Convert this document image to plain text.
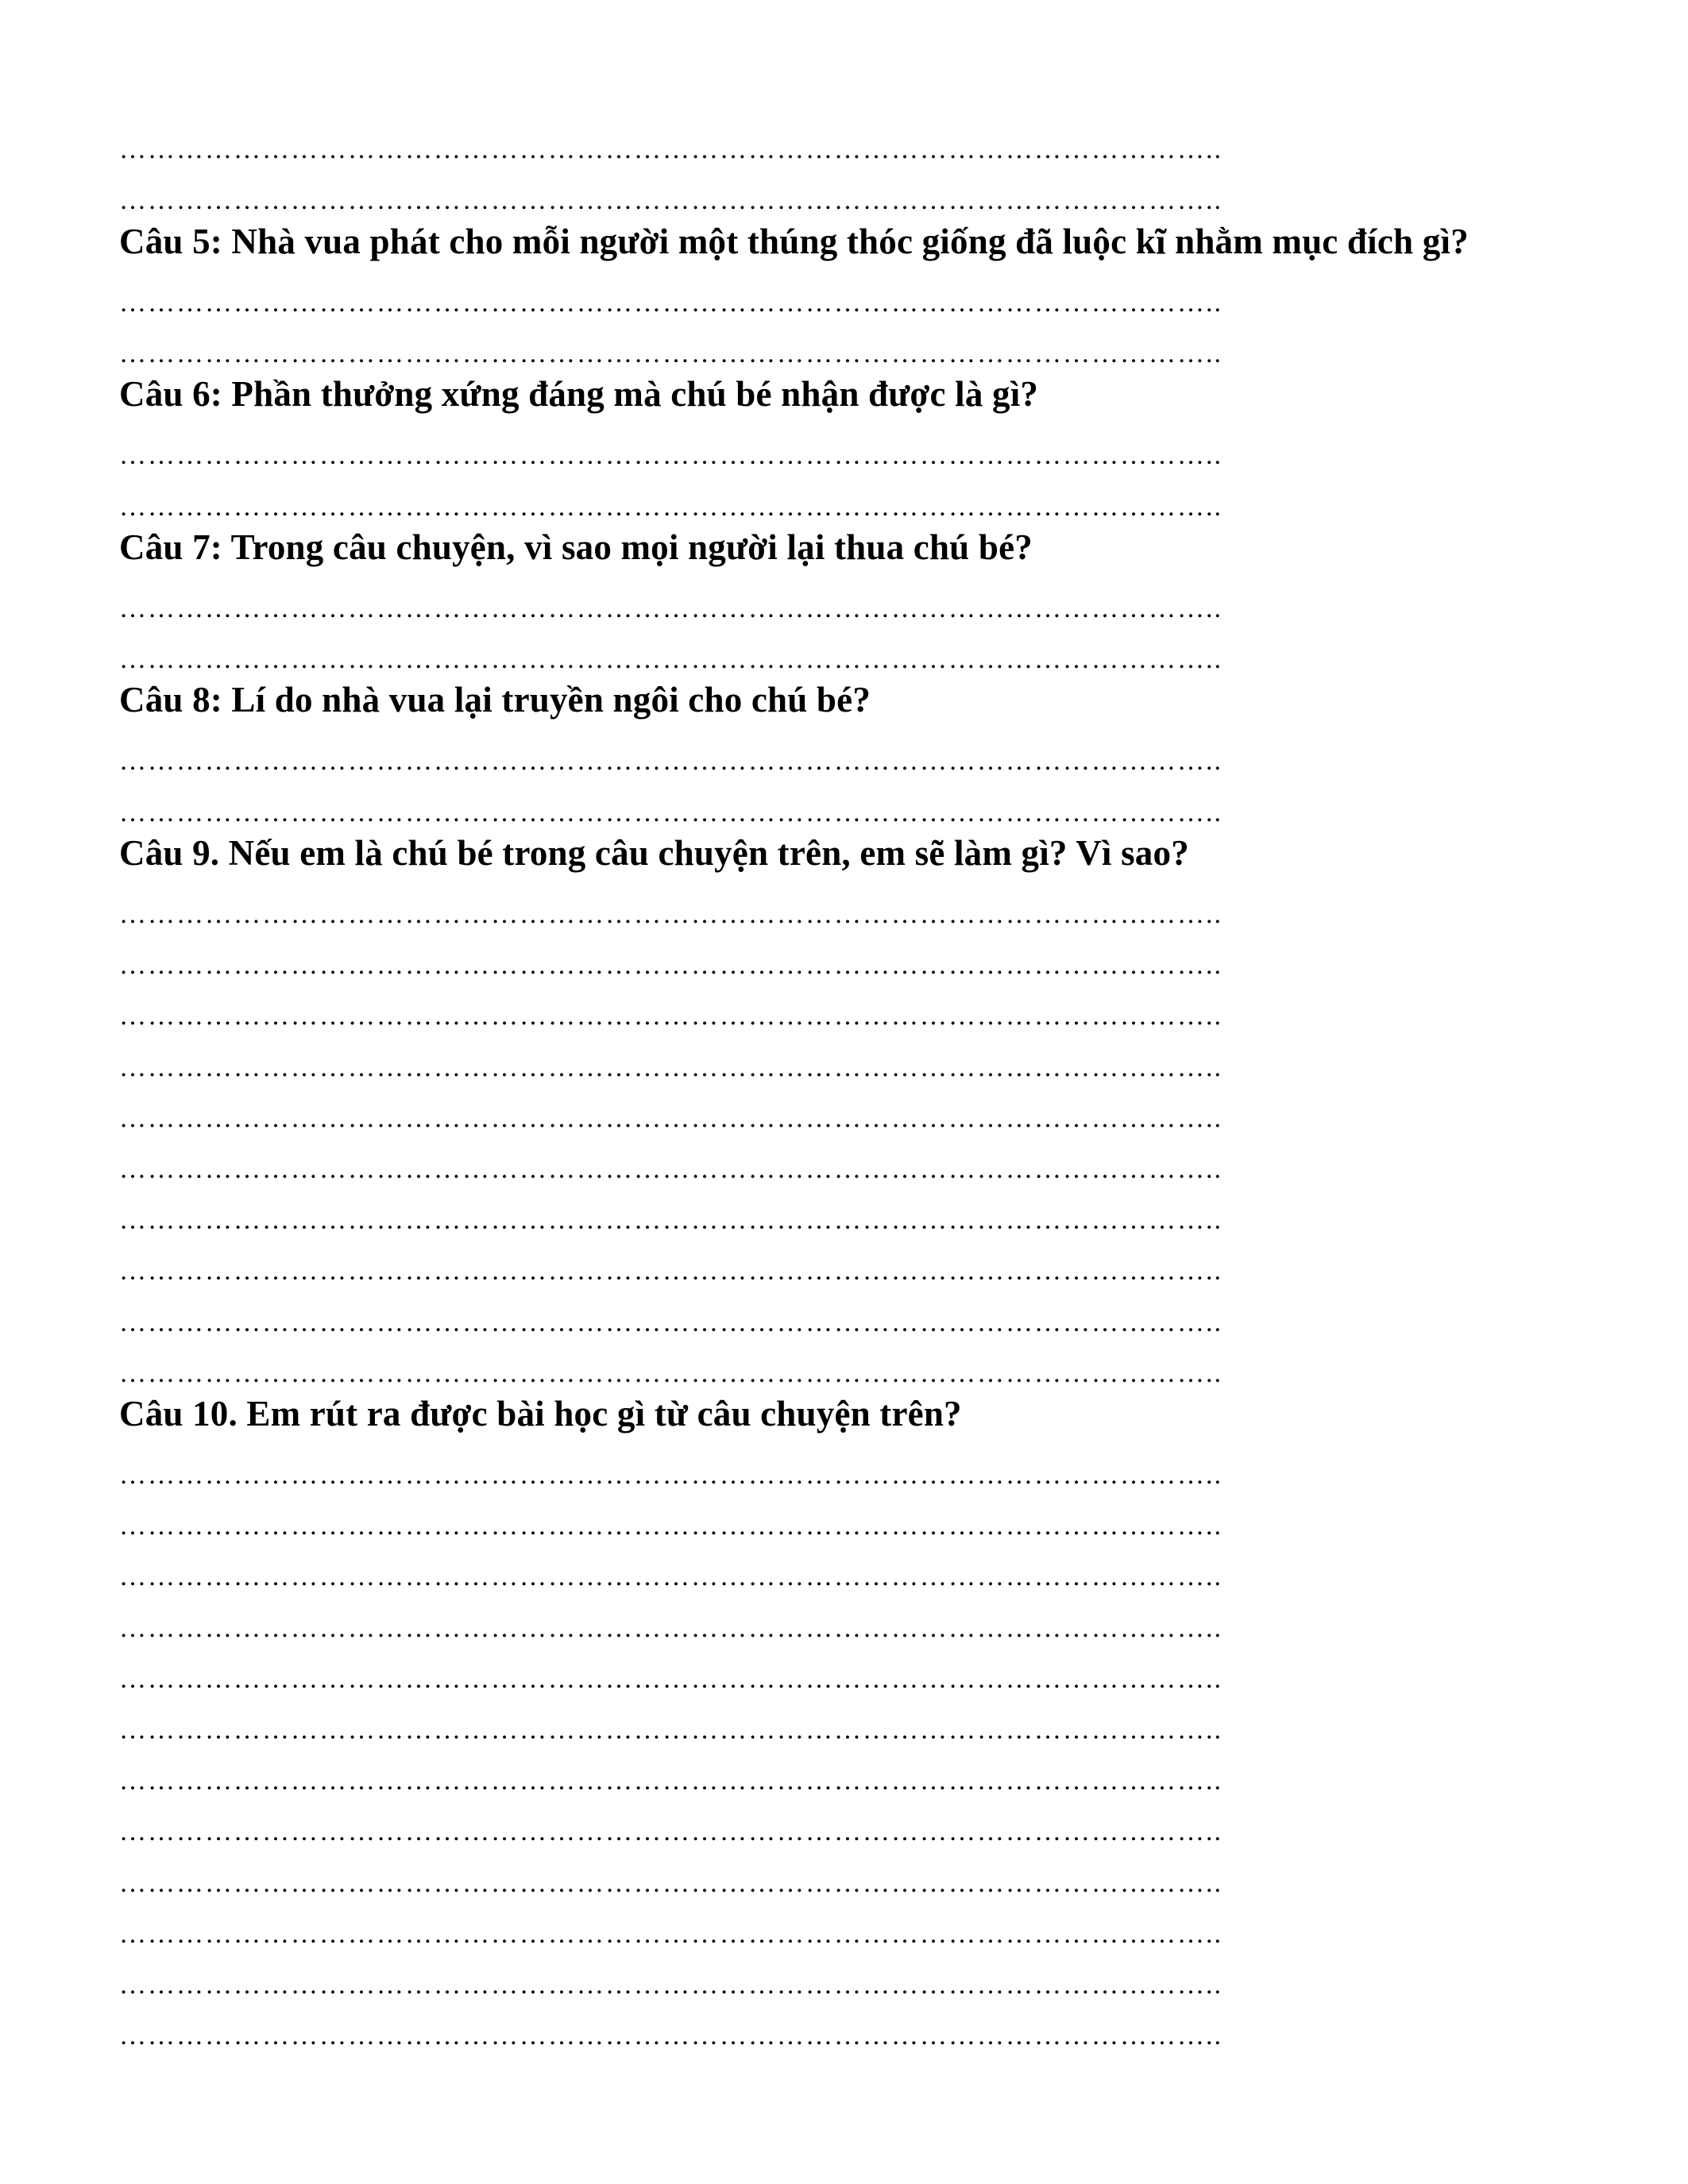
……………………………………………………………………………………………………..
……………………………………………………………………………………………………..
Câu 5: Nhà vua phát cho mỗi người một thúng thóc giống đã luộc kĩ nhằm mục đích gì?
……………………………………………………………………………………………………..
……………………………………………………………………………………………………..
Câu 6: Phần thưởng xứng đáng mà chú bé nhận được là gì?
……………………………………………………………………………………………………..
……………………………………………………………………………………………………..
Câu 7: Trong câu chuyện, vì sao mọi người lại thua chú bé?
……………………………………………………………………………………………………..
……………………………………………………………………………………………………..
Câu 8: Lí do nhà vua lại truyền ngôi cho chú bé?
……………………………………………………………………………………………………..
……………………………………………………………………………………………………..
Câu 9. Nếu em là chú bé trong câu chuyện trên, em sẽ làm gì? Vì sao?
……………………………………………………………………………………………………..
……………………………………………………………………………………………………..
……………………………………………………………………………………………………..
……………………………………………………………………………………………………..
……………………………………………………………………………………………………..
……………………………………………………………………………………………………..
……………………………………………………………………………………………………..
……………………………………………………………………………………………………..
……………………………………………………………………………………………………..
……………………………………………………………………………………………………..
Câu 10. Em rút ra được bài học gì từ câu chuyện trên?
……………………………………………………………………………………………………..
……………………………………………………………………………………………………..
……………………………………………………………………………………………………..
……………………………………………………………………………………………………..
……………………………………………………………………………………………………..
……………………………………………………………………………………………………..
……………………………………………………………………………………………………..
……………………………………………………………………………………………………..
……………………………………………………………………………………………………..
……………………………………………………………………………………………………..
……………………………………………………………………………………………………..
……………………………………………………………………………………………………..
